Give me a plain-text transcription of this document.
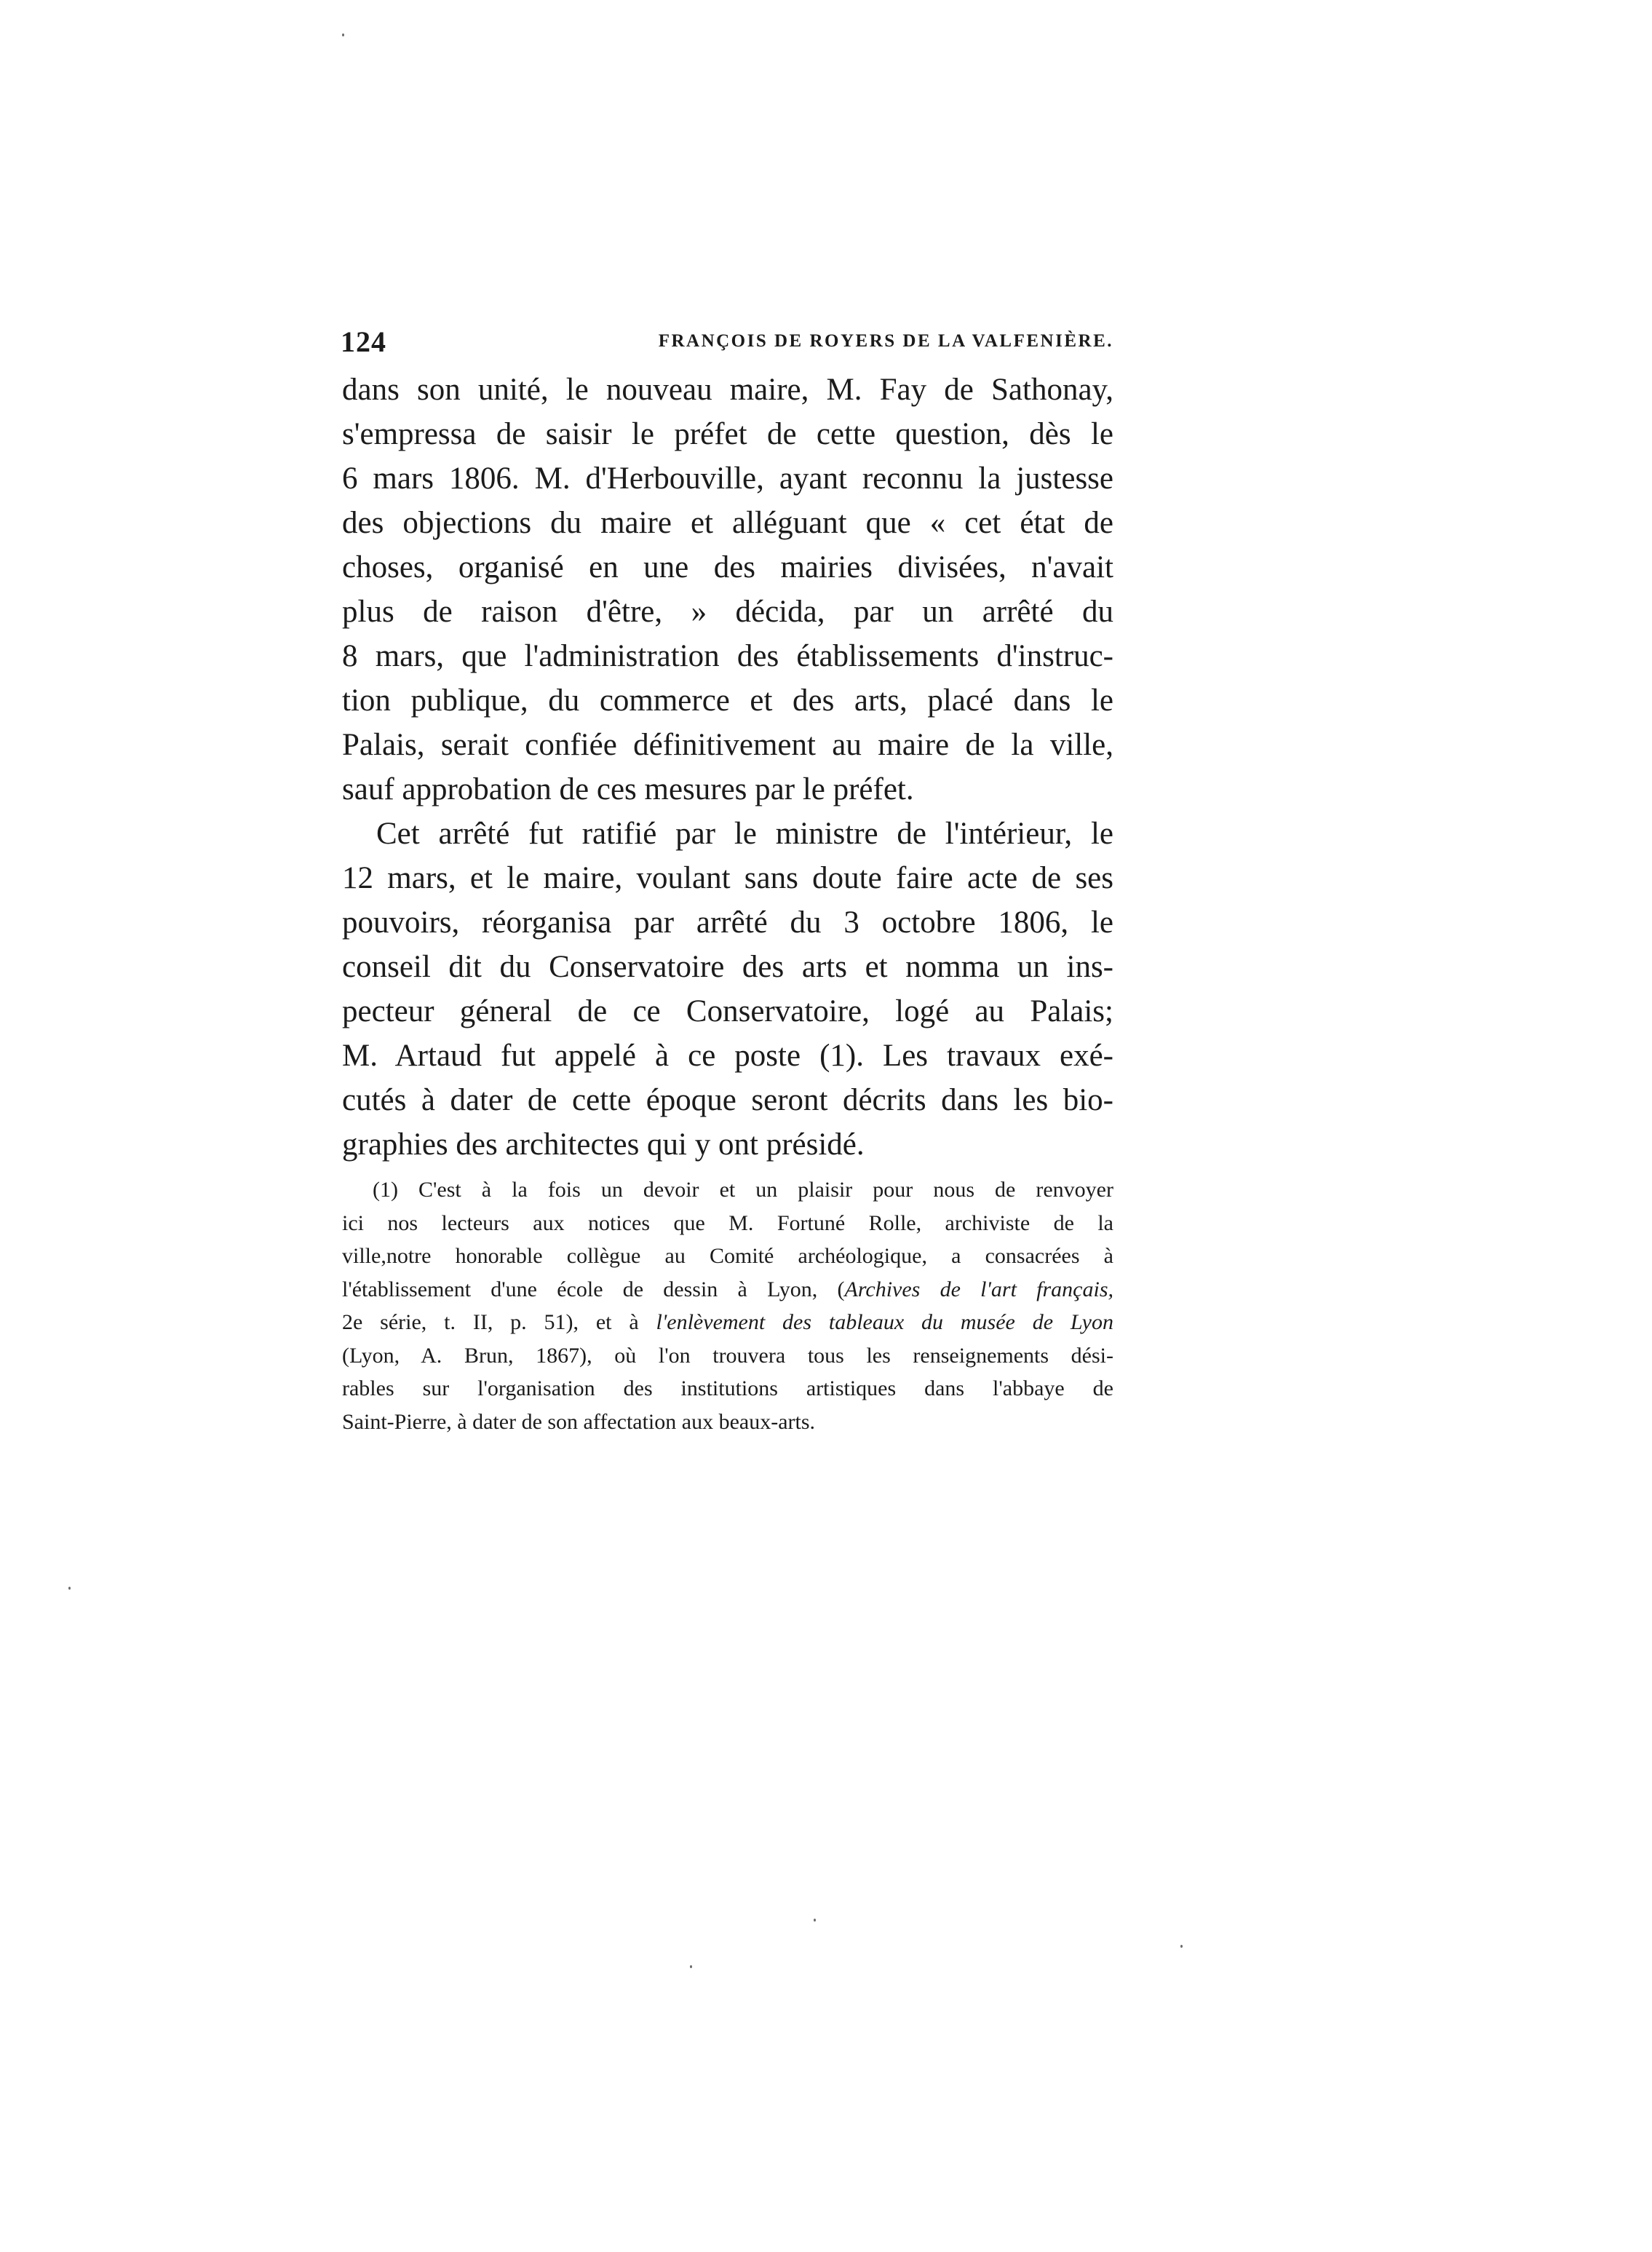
124	FRANÇOIS DE ROYERS DE LA VALFENIÈRE.
dans son unité, le nouveau maire, M. Fay de Sathonay,
s'empressa de saisir le préfet de cette question, dès le
6 mars 1806. M. d'Herbouville, ayant reconnu la justesse
des objections du maire et alléguant que « cet état de
choses, organisé en une des mairies divisées, n'avait
plus de raison d'être, » décida, par un arrêté du
8 mars, que l'administration des établissements d'instruc-
tion publique, du commerce et des arts, placé dans le
Palais, serait confiée définitivement au maire de la ville,
sauf approbation de ces mesures par le préfet.
Cet arrêté fut ratifié par le ministre de l'intérieur, le
12 mars, et le maire, voulant sans doute faire acte de ses
pouvoirs, réorganisa par arrêté du 3 octobre 1806, le
conseil dit du Conservatoire des arts et nomma un ins-
pecteur géneral de ce Conservatoire, logé au Palais;
M. Artaud fut appelé à ce poste (1). Les travaux exé-
cutés à dater de cette époque seront décrits dans les bio-
graphies des architectes qui y ont présidé.
(1) C'est à la fois un devoir et un plaisir pour nous de renvoyer
ici nos lecteurs aux notices que M. Fortuné Rolle, archiviste de la
ville,notre honorable collègue au Comité archéologique, a consacrées à
l'établissement d'une école de dessin à Lyon, (Archives de l'art français,
2e série, t. II, p. 51), et à l'enlèvement des tableaux du musée de Lyon
(Lyon, A. Brun, 1867), où l'on trouvera tous les renseignements dési-
rables sur l'organisation des institutions artistiques dans l'abbaye de
Saint-Pierre, à dater de son affectation aux beaux-arts.
